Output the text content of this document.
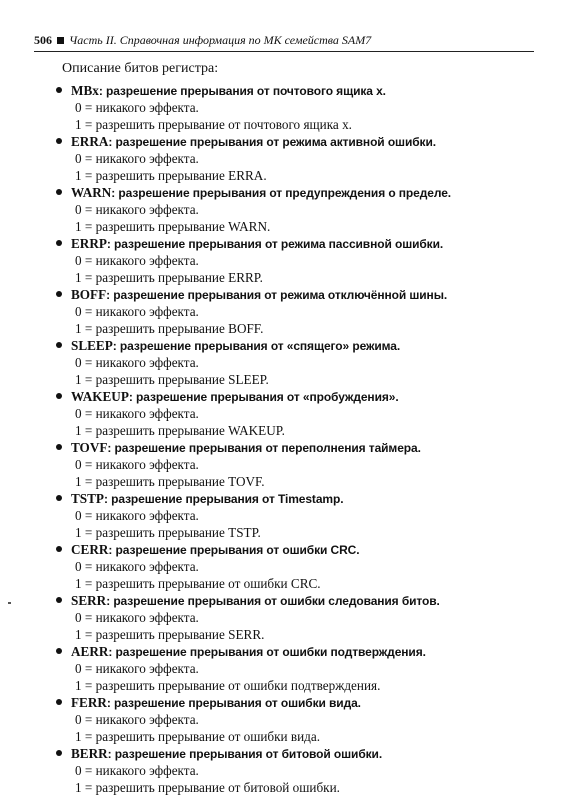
506 Часть II. Справочная информация по МК семейства SAM7
Описание битов регистра:
MBx: разрешение прерывания от почтового ящика x.
0 = никакого эффекта.
1 = разрешить прерывание от почтового ящика x.
ERRA: разрешение прерывания от режима активной ошибки.
0 = никакого эффекта.
1 = разрешить прерывание ERRA.
WARN: разрешение прерывания от предупреждения о пределе.
0 = никакого эффекта.
1 = разрешить прерывание WARN.
ERRP: разрешение прерывания от режима пассивной ошибки.
0 = никакого эффекта.
1 = разрешить прерывание ERRP.
BOFF: разрешение прерывания от режима отключённой шины.
0 = никакого эффекта.
1 = разрешить прерывание BOFF.
SLEEP: разрешение прерывания от «спящего» режима.
0 = никакого эффекта.
1 = разрешить прерывание SLEEP.
WAKEUP: разрешение прерывания от «пробуждения».
0 = никакого эффекта.
1 = разрешить прерывание WAKEUP.
TOVF: разрешение прерывания от переполнения таймера.
0 = никакого эффекта.
1 = разрешить прерывание TOVF.
TSTP: разрешение прерывания от Timestamp.
0 = никакого эффекта.
1 = разрешить прерывание TSTP.
CERR: разрешение прерывания от ошибки CRC.
0 = никакого эффекта.
1 = разрешить прерывание от ошибки CRC.
SERR: разрешение прерывания от ошибки следования битов.
0 = никакого эффекта.
1 = разрешить прерывание SERR.
AERR: разрешение прерывания от ошибки подтверждения.
0 = никакого эффекта.
1 = разрешить прерывание от ошибки подтверждения.
FERR: разрешение прерывания от ошибки вида.
0 = никакого эффекта.
1 = разрешить прерывание от ошибки вида.
BERR: разрешение прерывания от битовой ошибки.
0 = никакого эффекта.
1 = разрешить прерывание от битовой ошибки.
